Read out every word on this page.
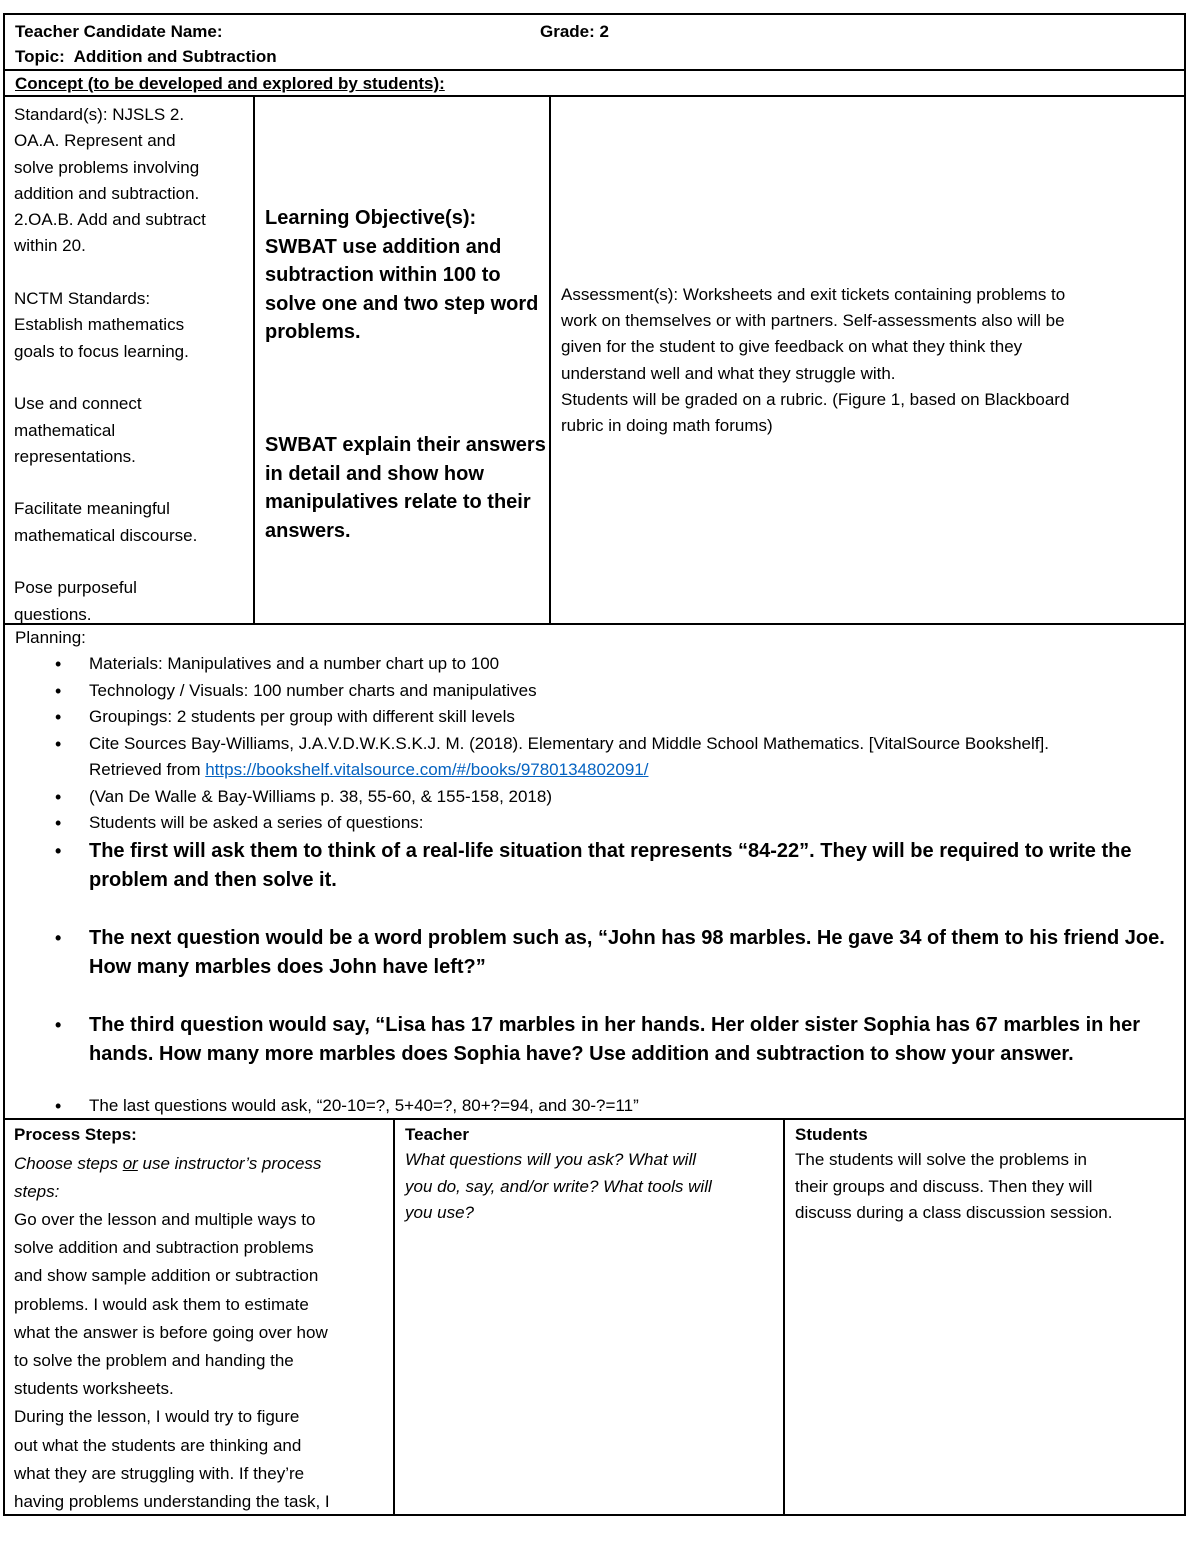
Teacher Candidate Name:	Grade: 2
Topic: Addition and Subtraction
Concept (to be developed and explored by students):
Standard(s): NJSLS 2.
OA.A. Represent and
solve problems involving
addition and subtraction.
2.OA.B. Add and subtract
within 20.

NCTM Standards:
Establish mathematics
goals to focus learning.

Use and connect
mathematical
representations.

Facilitate meaningful
mathematical discourse.

Pose purposeful
questions.
Learning Objective(s):
SWBAT use addition and
subtraction within 100 to
solve one and two step word
problems.
SWBAT explain their answers
in detail and show how
manipulatives relate to their
answers.
Assessment(s): Worksheets and exit tickets containing problems to
work on themselves or with partners. Self-assessments also will be
given for the student to give feedback on what they think they
understand well and what they struggle with.
Students will be graded on a rubric. (Figure 1, based on Blackboard
rubric in doing math forums)
Planning:
• Materials: Manipulatives and a number chart up to 100
• Technology / Visuals: 100 number charts and manipulatives
• Groupings: 2 students per group with different skill levels
• Cite Sources Bay-Williams, J.A.V.D.W.K.S.K.J. M. (2018). Elementary and Middle School Mathematics. [VitalSource Bookshelf].
Retrieved from https://bookshelf.vitalsource.com/#/books/9780134802091/
• (Van De Walle & Bay-Williams p. 38, 55-60, & 155-158, 2018)
• Students will be asked a series of questions:
• The first will ask them to think of a real-life situation that represents “84-22”. They will be required to write the
problem and then solve it.
• The next question would be a word problem such as, “John has 98 marbles. He gave 34 of them to his friend Joe.
How many marbles does John have left?”
• The third question would say, “Lisa has 17 marbles in her hands. Her older sister Sophia has 67 marbles in her
hands. How many more marbles does Sophia have? Use addition and subtraction to show your answer.
• The last questions would ask, “20-10=?, 5+40=?, 80+?=94, and 30-?=11”
Process Steps:
Choose steps or use instructor’s process
steps:
Go over the lesson and multiple ways to
solve addition and subtraction problems
and show sample addition or subtraction
problems. I would ask them to estimate
what the answer is before going over how
to solve the problem and handing the
students worksheets.
During the lesson, I would try to figure
out what the students are thinking and
what they are struggling with. If they’re
having problems understanding the task, I
Teacher
What questions will you ask? What will
you do, say, and/or write? What tools will
you use?
Students
The students will solve the problems in
their groups and discuss. Then they will
discuss during a class discussion session.
